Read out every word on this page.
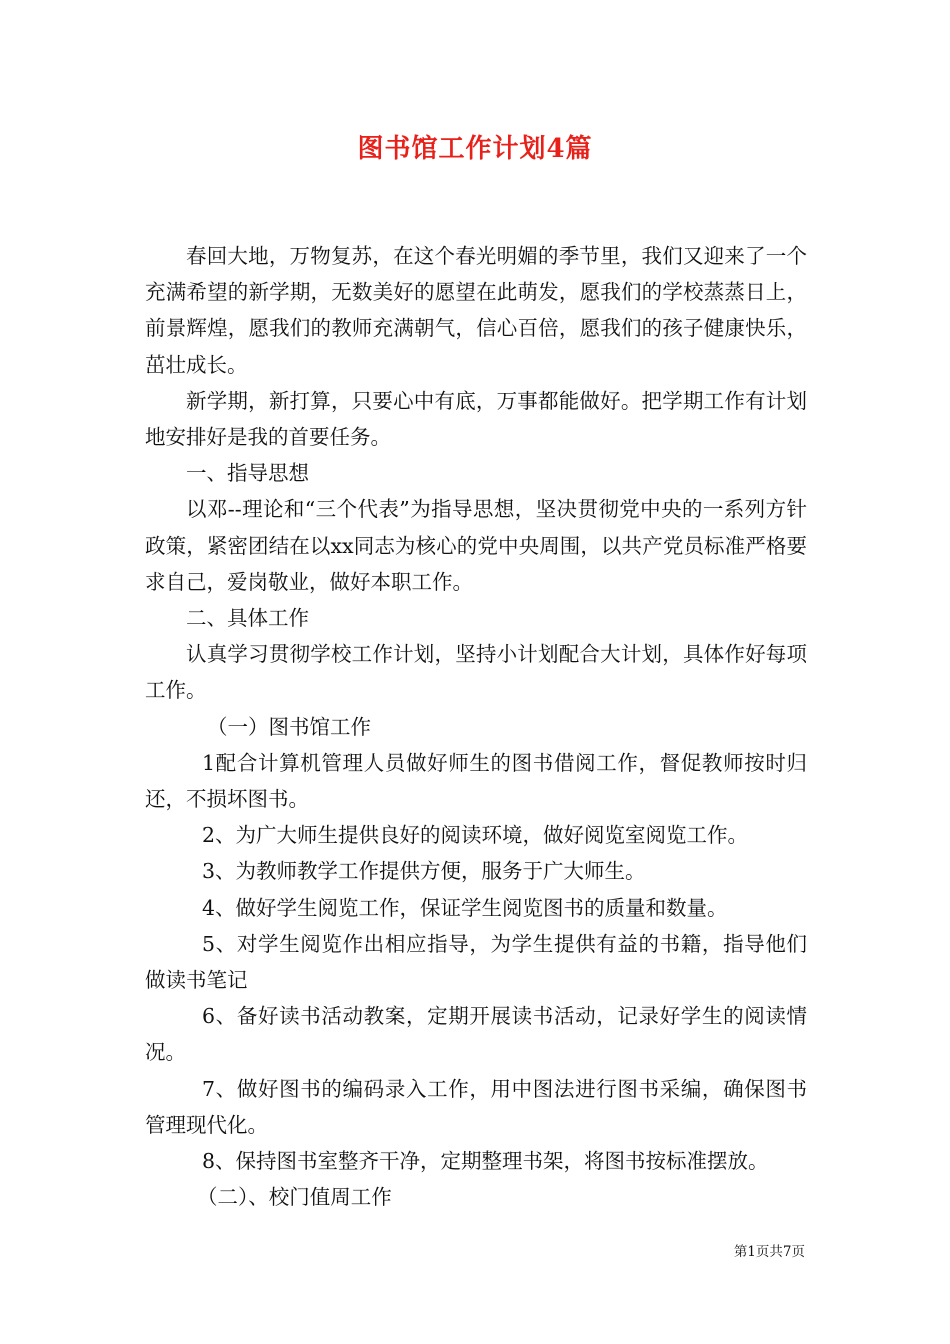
图书馆工作计划4篇

春回大地，万物复苏，在这个春光明媚的季节里，我们又迎来了一个充满希望的新学期，无数美好的愿望在此萌发，愿我们的学校蒸蒸日上，前景辉煌，愿我们的教师充满朝气，信心百倍，愿我们的孩子健康快乐，茁壮成长。

新学期，新打算，只要心中有底，万事都能做好。把学期工作有计划地安排好是我的首要任务。

一、指导思想

以邓--理论和“三个代表”为指导思想，坚决贯彻党中央的一系列方针政策，紧密团结在以xx同志为核心的党中央周围，以共产党员标准严格要求自己，爱岗敬业，做好本职工作。

二、具体工作

认真学习贯彻学校工作计划，坚持小计划配合大计划，具体作好每项工作。

（一）图书馆工作

1配合计算机管理人员做好师生的图书借阅工作，督促教师按时归还，不损坏图书。

2、为广大师生提供良好的阅读环境，做好阅览室阅览工作。

3、为教师教学工作提供方便，服务于广大师生。

4、做好学生阅览工作，保证学生阅览图书的质量和数量。

5、对学生阅览作出相应指导，为学生提供有益的书籍，指导他们做读书笔记

6、备好读书活动教案，定期开展读书活动，记录好学生的阅读情况。

7、做好图书的编码录入工作，用中图法进行图书采编，确保图书管理现代化。

8、保持图书室整齐干净，定期整理书架，将图书按标准摆放。

（二）、校门值周工作

第1页共7页
